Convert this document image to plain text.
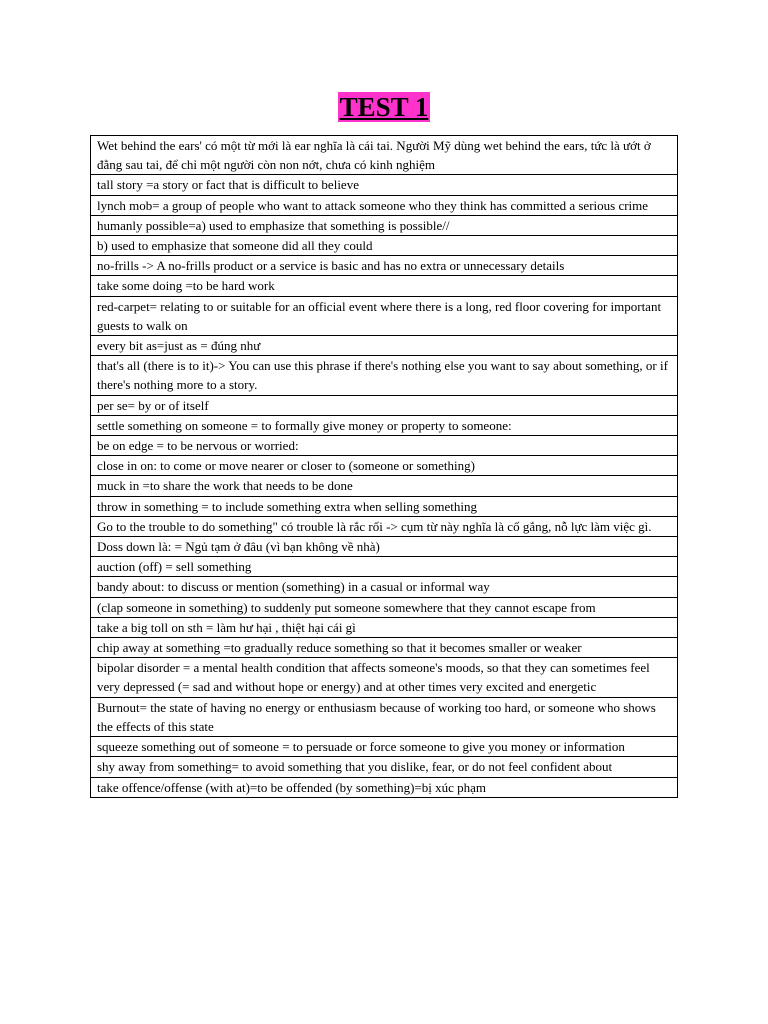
TEST 1
Wet behind the ears' có một từ mới là ear nghĩa là cái tai. Người Mỹ dùng wet behind the ears, tức là ướt ở đằng sau tai, để chỉ một người còn non nớt, chưa có kinh nghiệm
tall story =a story or fact that is difficult to believe
lynch mob= a group of people who want to attack someone who they think has committed a serious crime
humanly possible=a) used to emphasize that something is possible//
b) used to emphasize that someone did all they could
no-frills -> A no-frills product or a service is basic and has no extra or unnecessary details
take some doing =to be hard work
red-carpet= relating to or suitable for an official event where there is a long, red floor covering for important guests to walk on
every bit as=just as = đúng như
that's all (there is to it)-> You can use this phrase if there's nothing else you want to say about something, or if there's nothing more to a story.
per se= by or of itself
settle something on someone = to formally give money or property to someone:
be on edge = to be nervous or worried:
close in on: to come or move nearer or closer to (someone or something)
muck in =to share the work that needs to be done
throw in something = to include something extra when selling something
Go to the trouble to do something" có trouble là rắc rối -> cụm từ này nghĩa là cố gắng, nỗ lực làm việc gì.
Doss down là: = Ngủ tạm ở đâu (vì bạn không về nhà)
auction (off) = sell something
bandy about: to discuss or mention (something) in a casual or informal way
(clap someone in something) to suddenly put someone somewhere that they cannot escape from
take a big toll on sth = làm hư hại , thiệt hại cái gì
chip away at something =to gradually reduce something so that it becomes smaller or weaker
bipolar disorder = a mental health condition that affects someone's moods, so that they can sometimes feel very depressed (= sad and without hope or energy) and at other times very excited and energetic
Burnout= the state of having no energy or enthusiasm because of working too hard, or someone who shows the effects of this state
squeeze something out of someone = to persuade or force someone to give you money or information
shy away from something= to avoid something that you dislike, fear, or do not feel confident about
take offence/offense (with at)=to be offended (by something)=bị xúc phạm
